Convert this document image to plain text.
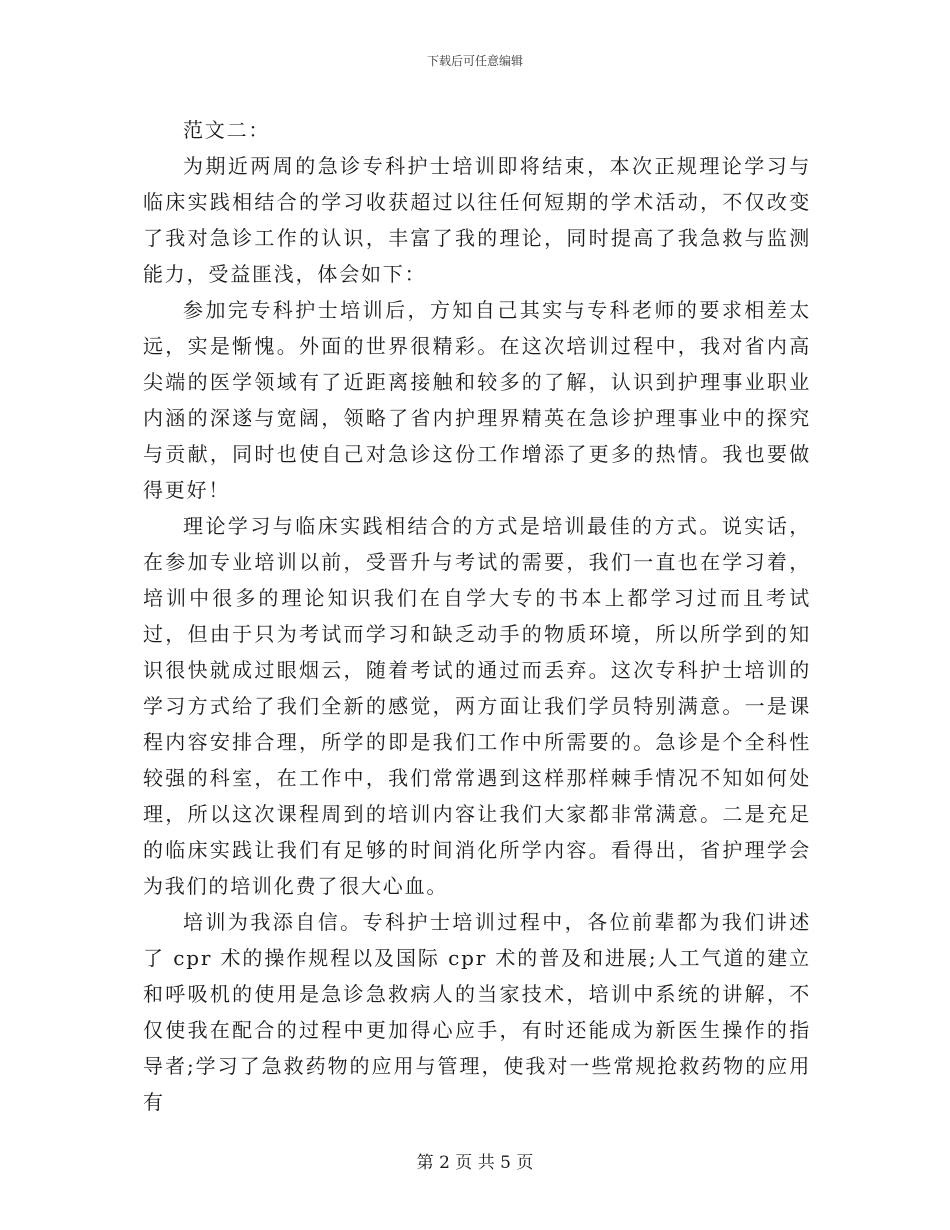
下载后可任意编辑

范文二：

为期近两周的急诊专科护士培训即将结束，本次正规理论学习与临床实践相结合的学习收获超过以往任何短期的学术活动，不仅改变了我对急诊工作的认识，丰富了我的理论，同时提高了我急救与监测能力，受益匪浅，体会如下：

参加完专科护士培训后，方知自己其实与专科老师的要求相差太远，实是惭愧。外面的世界很精彩。在这次培训过程中，我对省内高尖端的医学领域有了近距离接触和较多的了解，认识到护理事业职业内涵的深遂与宽阔，领略了省内护理界精英在急诊护理事业中的探究与贡献，同时也使自己对急诊这份工作增添了更多的热情。我也要做得更好！

理论学习与临床实践相结合的方式是培训最佳的方式。说实话，在参加专业培训以前，受晋升与考试的需要，我们一直也在学习着，培训中很多的理论知识我们在自学大专的书本上都学习过而且考试过，但由于只为考试而学习和缺乏动手的物质环境，所以所学到的知识很快就成过眼烟云，随着考试的通过而丢弃。这次专科护士培训的学习方式给了我们全新的感觉，两方面让我们学员特别满意。一是课程内容安排合理，所学的即是我们工作中所需要的。急诊是个全科性较强的科室，在工作中，我们常常遇到这样那样棘手情况不知如何处理，所以这次课程周到的培训内容让我们大家都非常满意。二是充足的临床实践让我们有足够的时间消化所学内容。看得出，省护理学会为我们的培训化费了很大心血。

培训为我添自信。专科护士培训过程中，各位前辈都为我们讲述了 cpr 术的操作规程以及国际 cpr 术的普及和进展;人工气道的建立和呼吸机的使用是急诊急救病人的当家技术，培训中系统的讲解，不仅使我在配合的过程中更加得心应手，有时还能成为新医生操作的指导者;学习了急救药物的应用与管理，使我对一些常规抢救药物的应用有

第 2 页 共 5 页
